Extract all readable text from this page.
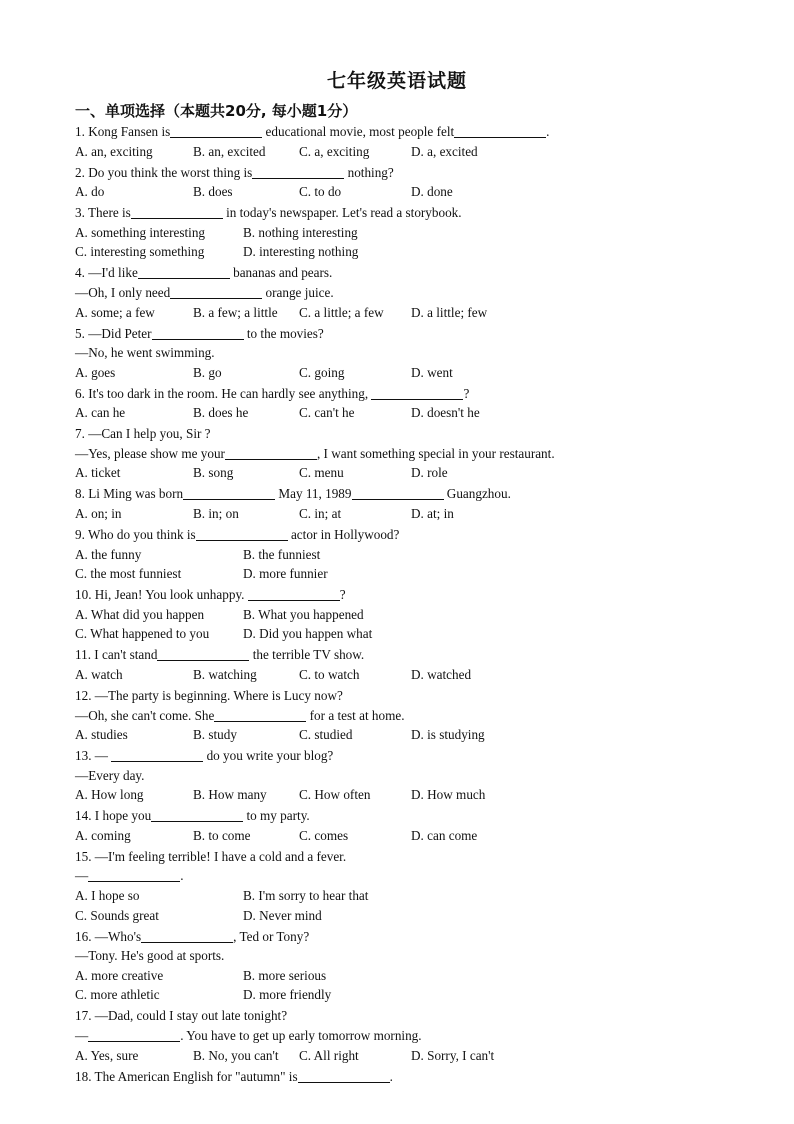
七年级英语试题
一、单项选择（本题共20分, 每小题1分）
1. Kong Fansen is	educational movie, most people felt	.
A. an, exciting	B. an, excited	C. a, exciting	D. a, excited
2. Do you think the worst thing is	nothing?
A. do	B. does	C. to do	D. done
3. There is	in today's newspaper. Let's read a storybook.
A. something interesting	B. nothing interesting
C. interesting something	D. interesting nothing
4. —I'd like	bananas and pears.
—Oh, I only need	orange juice.
A. some; a few	B. a few; a little	C. a little; a few	D. a little; few
5. —Did Peter	to the movies?
—No, he went swimming.
A. goes	B. go	C. going	D. went
6. It's too dark in the room. He can hardly see anything,	?
A. can he	B. does he	C. can't he	D. doesn't he
7. —Can I help you, Sir ?
—Yes, please show me your	, I want something special in your restaurant.
A. ticket	B. song	C. menu	D. role
8. Li Ming was born	May 11, 1989	Guangzhou.
A. on; in	B. in; on	C. in; at	D. at; in
9. Who do you think is	actor in Hollywood?
A. the funny	B. the funniest
C. the most funniest	D. more funnier
10. Hi, Jean! You look unhappy.	?
A. What did you happen	B. What you happened
C. What happened to you	D. Did you happen what
11. I can't stand	the terrible TV show.
A. watch	B. watching	C. to watch	D. watched
12. —The party is beginning. Where is Lucy now?
—Oh, she can't come. She	for a test at home.
A. studies	B. study	C. studied	D. is studying
13. —	do you write your blog?
—Every day.
A. How long	B. How many	C. How often	D. How much
14. I hope you	to my party.
A. coming	B. to come	C. comes	D. can come
15. —I'm feeling terrible! I have a cold and a fever.
—	.
A. I hope so	B. I'm sorry to hear that
C. Sounds great	D. Never mind
16. —Who's	, Ted or Tony?
—Tony. He's good at sports.
A. more creative	B. more serious
C. more athletic	D. more friendly
17. —Dad, could I stay out late tonight?
—	. You have to get up early tomorrow morning.
A. Yes, sure	B. No, you can't	C. All right	D. Sorry, I can't
18. The American English for "autumn" is	.
